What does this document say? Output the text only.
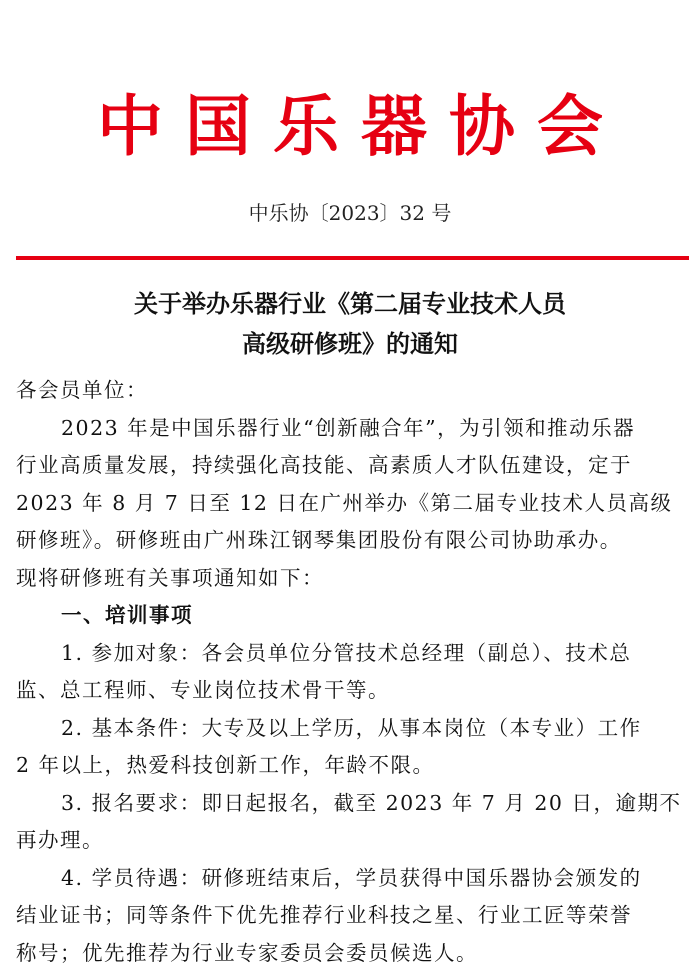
中国乐器协会
中乐协〔2023〕32 号
关于举办乐器行业《第二届专业技术人员
高级研修班》的通知
各会员单位：
2023 年是中国乐器行业“创新融合年”，为引领和推动乐器
行业高质量发展，持续强化高技能、高素质人才队伍建设，定于
2023 年 8 月 7 日至 12 日在广州举办《第二届专业技术人员高级
研修班》。研修班由广州珠江钢琴集团股份有限公司协助承办。
现将研修班有关事项通知如下：
一、培训事项
1. 参加对象：各会员单位分管技术总经理（副总）、技术总
监、总工程师、专业岗位技术骨干等。
2. 基本条件：大专及以上学历，从事本岗位（本专业）工作
2 年以上，热爱科技创新工作，年龄不限。
3. 报名要求：即日起报名，截至 2023 年 7 月 20 日，逾期不
再办理。
4. 学员待遇：研修班结束后，学员获得中国乐器协会颁发的
结业证书；同等条件下优先推荐行业科技之星、行业工匠等荣誉
称号；优先推荐为行业专家委员会委员候选人。
